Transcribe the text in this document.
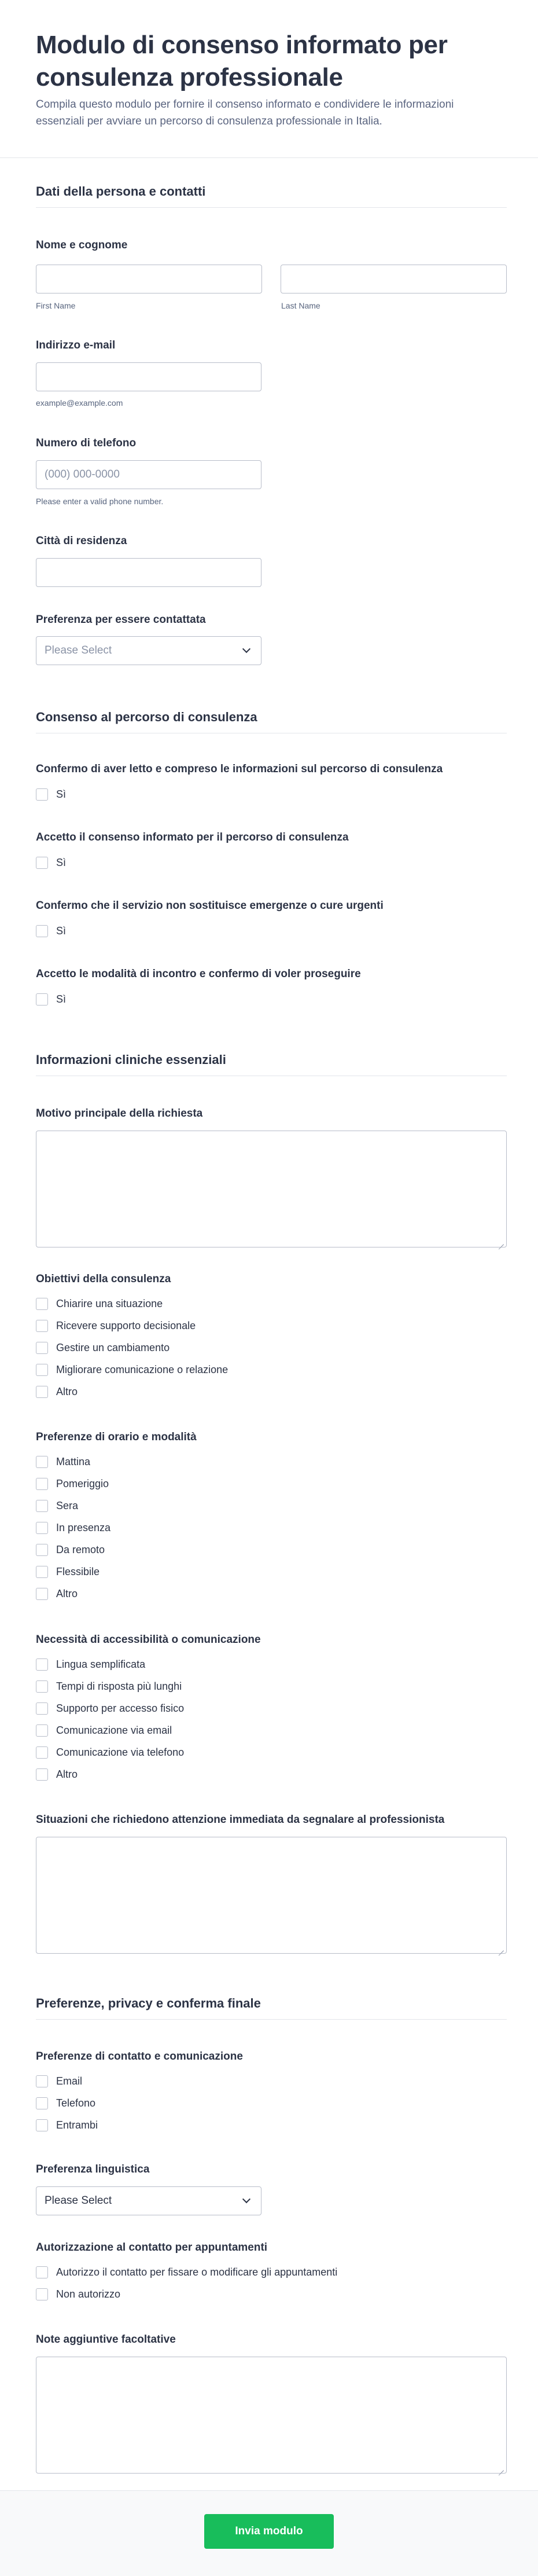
Modulo di consenso informato per consulenza professionale
Compila questo modulo per fornire il consenso informato e condividere le informazioni essenziali per avviare un percorso di consulenza professionale in Italia.
Dati della persona e contatti
Nome e cognome
First Name	Last Name
Indirizzo e-mail
example@example.com
Numero di telefono
(000) 000-0000
Please enter a valid phone number.
Città di residenza
Preferenza per essere contattata
Please Select
Consenso al percorso di consulenza
Confermo di aver letto e compreso le informazioni sul percorso di consulenza
Sì
Accetto il consenso informato per il percorso di consulenza
Sì
Confermo che il servizio non sostituisce emergenze o cure urgenti
Sì
Accetto le modalità di incontro e confermo di voler proseguire
Sì
Informazioni cliniche essenziali
Motivo principale della richiesta
Obiettivi della consulenza
Chiarire una situazione
Ricevere supporto decisionale
Gestire un cambiamento
Migliorare comunicazione o relazione
Altro
Preferenze di orario e modalità
Mattina
Pomeriggio
Sera
In presenza
Da remoto
Flessibile
Altro
Necessità di accessibilità o comunicazione
Lingua semplificata
Tempi di risposta più lunghi
Supporto per accesso fisico
Comunicazione via email
Comunicazione via telefono
Altro
Situazioni che richiedono attenzione immediata da segnalare al professionista
Preferenze, privacy e conferma finale
Preferenze di contatto e comunicazione
Email
Telefono
Entrambi
Preferenza linguistica
Please Select
Autorizzazione al contatto per appuntamenti
Autorizzo il contatto per fissare o modificare gli appuntamenti
Non autorizzo
Note aggiuntive facoltative
Invia modulo
